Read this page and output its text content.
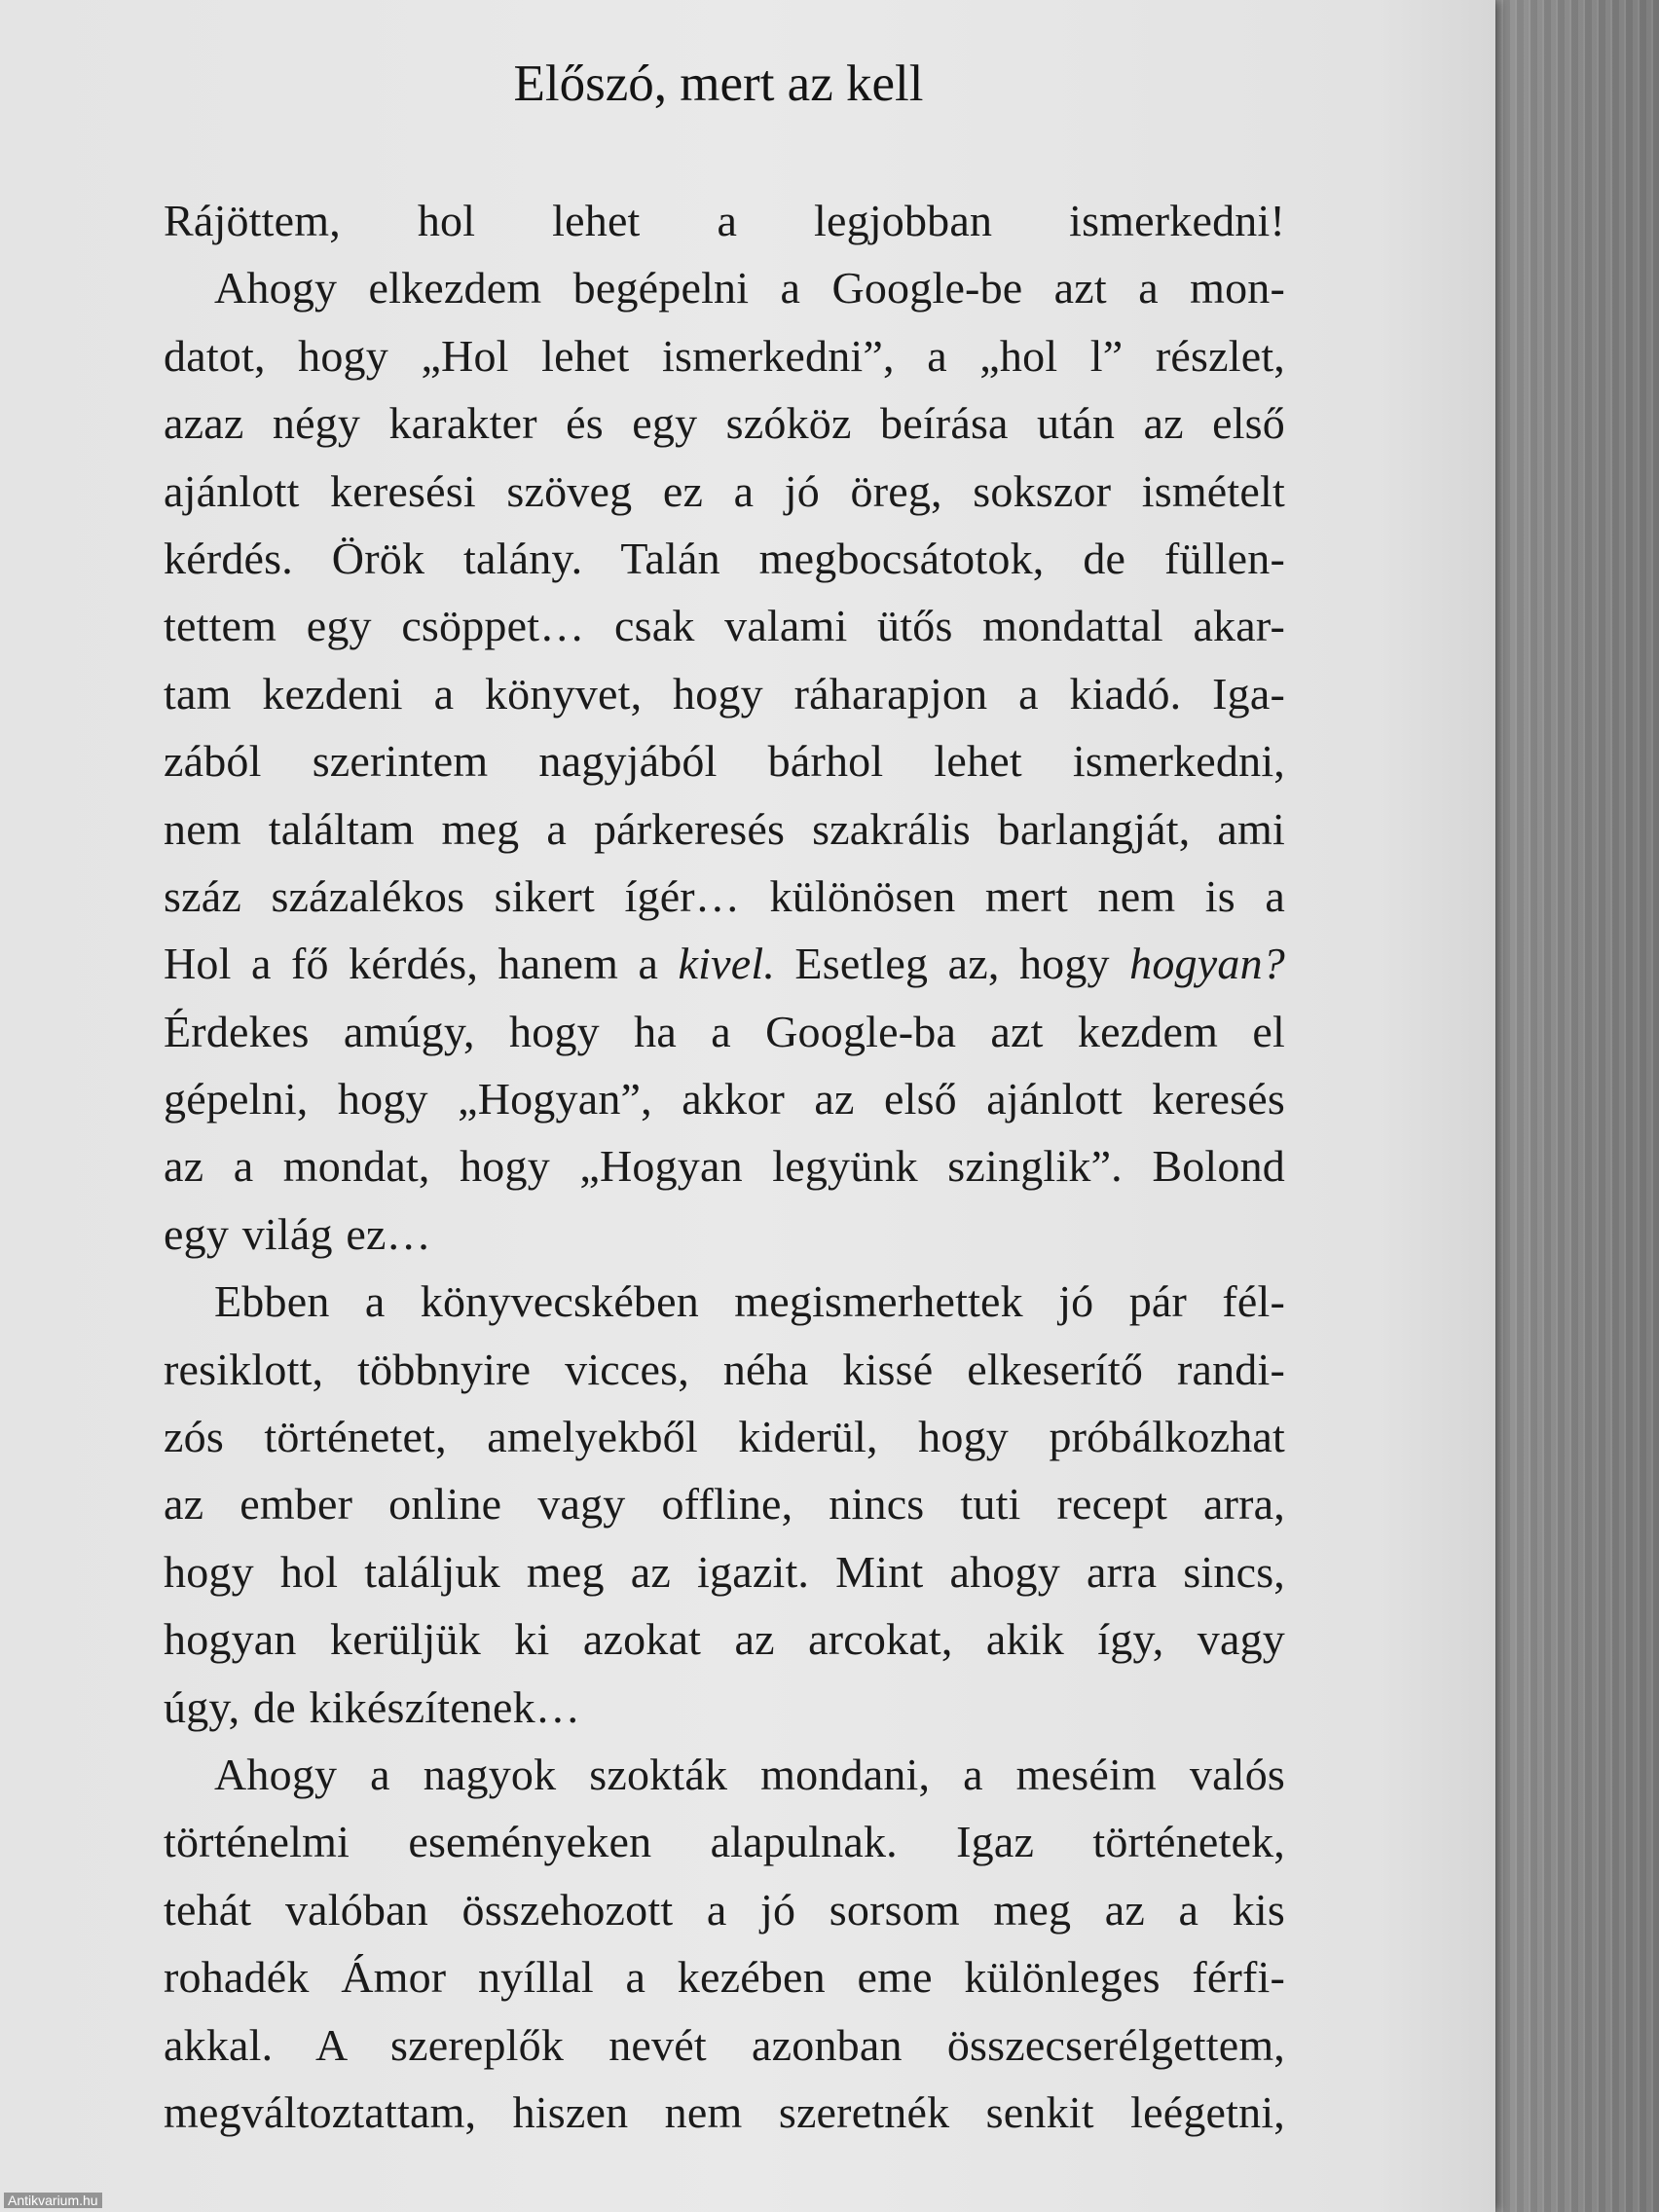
Előszó, mert az kell
Rájöttem, hol lehet a legjobban ismerkedni!
Ahogy elkezdem begépelni a Google-be azt a mon-
datot, hogy „Hol lehet ismerkedni”, a „hol l” részlet,
azaz négy karakter és egy szóköz beírása után az első
ajánlott keresési szöveg ez a jó öreg, sokszor ismételt
kérdés. Örök talány. Talán megbocsátotok, de füllen-
tettem egy csöppet… csak valami ütős mondattal akar-
tam kezdeni a könyvet, hogy ráharapjon a kiadó. Iga-
zából szerintem nagyjából bárhol lehet ismerkedni,
nem találtam meg a párkeresés szakrális barlangját, ami
száz százalékos sikert ígér… különösen mert nem is a
Hol a fő kérdés, hanem a kivel. Esetleg az, hogy hogyan?
Érdekes amúgy, hogy ha a Google-ba azt kezdem el
gépelni, hogy „Hogyan”, akkor az első ajánlott keresés
az a mondat, hogy „Hogyan legyünk szinglik”. Bolond
egy világ ez…
Ebben a könyvecskében megismerhettek jó pár fél-
resiklott, többnyire vicces, néha kissé elkeserítő randi-
zós történetet, amelyekből kiderül, hogy próbálkozhat
az ember online vagy offline, nincs tuti recept arra,
hogy hol találjuk meg az igazit. Mint ahogy arra sincs,
hogyan kerüljük ki azokat az arcokat, akik így, vagy
úgy, de kikészítenek…
Ahogy a nagyok szokták mondani, a meséim valós
történelmi eseményeken alapulnak. Igaz történetek,
tehát valóban összehozott a jó sorsom meg az a kis
rohadék Ámor nyíllal a kezében eme különleges férfi-
akkal. A szereplők nevét azonban összecserélgettem,
megváltoztattam, hiszen nem szeretnék senkit leégetni,
Antikvarium.hu
